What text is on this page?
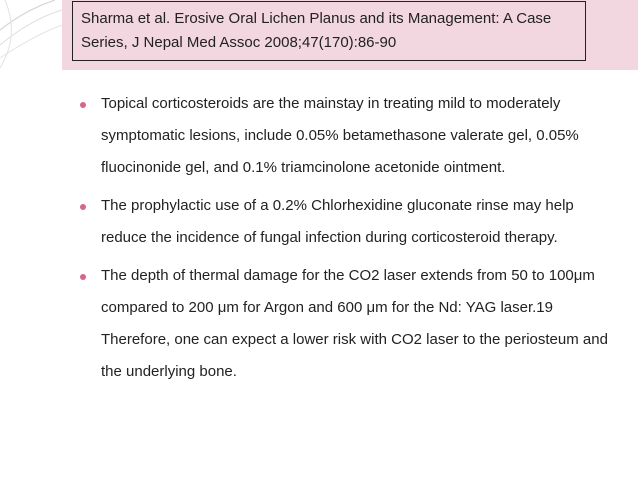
Sharma et al. Erosive Oral Lichen Planus and its Management: A Case Series, J Nepal Med Assoc 2008;47(170):86-90
Topical corticosteroids are the mainstay in treating mild to moderately symptomatic lesions, include 0.05% betamethasone valerate gel, 0.05% fluocinonide gel, and 0.1% triamcinolone acetonide ointment.
The prophylactic use of a 0.2% Chlorhexidine gluconate rinse may help reduce the incidence of fungal infection during corticosteroid therapy.
The depth of thermal damage for the CO2 laser extends from 50 to 100μm compared to 200 μm for Argon and 600 μm for the Nd: YAG laser.19 Therefore, one can expect a lower risk with CO2 laser to the periosteum and the underlying bone.
